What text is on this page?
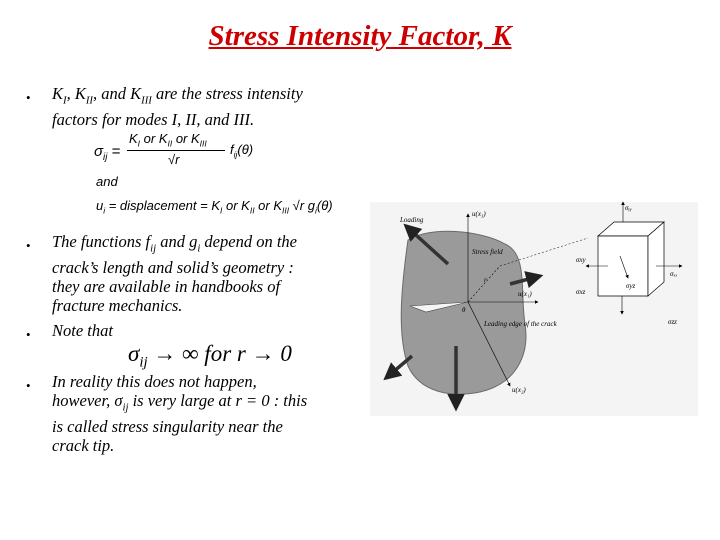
Stress Intensity Factor, K
• $K_I$, $K_{II}$, and $K_{III}$ are the stress intensity factors for modes I, II, and III.
$\sigma_{ij}$ =
$K_I$ or $K_{II}$ or $K_{III}$
√r
$f_{ij}(\theta)$
and
$u_i$ = displacement = $K_I$ or $K_{II}$ or $K_{III}$ √r $g_i(\theta)$
• The functions $f_{ij}$ and $g_i$ depend on the crack’s length and solid’s geometry : they are available in handbooks of fracture mechanics.
• Note that
$\sigma_{ij}$ → ∞ for r → 0
• In reality this does not happen, however, $\sigma_{ij}$ is very large at r = 0 : this is called stress singularity near the crack tip.
σᵧᵧ
σₓₓ
σzz
σxy
σyz
σxz
Loading
Stress field
u(x₃)
u(x₁)
u(x₂)
θ
r
Leading edge of the crack
